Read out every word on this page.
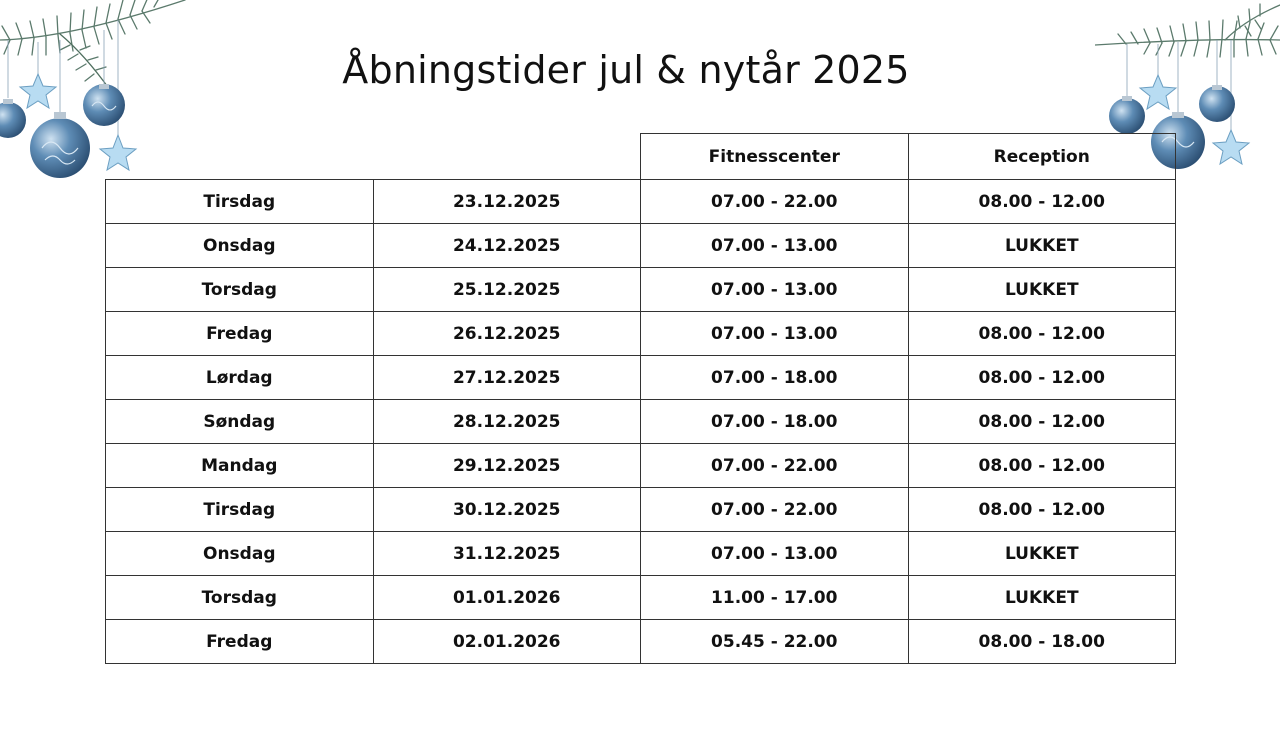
Åbningstider jul & nytår 2025
		Fitnesscenter	Reception
Tirsdag	23.12.2025	07.00 - 22.00	08.00 - 12.00
Onsdag	24.12.2025	07.00 - 13.00	LUKKET
Torsdag	25.12.2025	07.00 - 13.00	LUKKET
Fredag	26.12.2025	07.00 - 13.00	08.00 - 12.00
Lørdag	27.12.2025	07.00 - 18.00	08.00 - 12.00
Søndag	28.12.2025	07.00 - 18.00	08.00 - 12.00
Mandag	29.12.2025	07.00 - 22.00	08.00 - 12.00
Tirsdag	30.12.2025	07.00 - 22.00	08.00 - 12.00
Onsdag	31.12.2025	07.00 - 13.00	LUKKET
Torsdag	01.01.2026	11.00 - 17.00	LUKKET
Fredag	02.01.2026	05.45 - 22.00	08.00 - 18.00
